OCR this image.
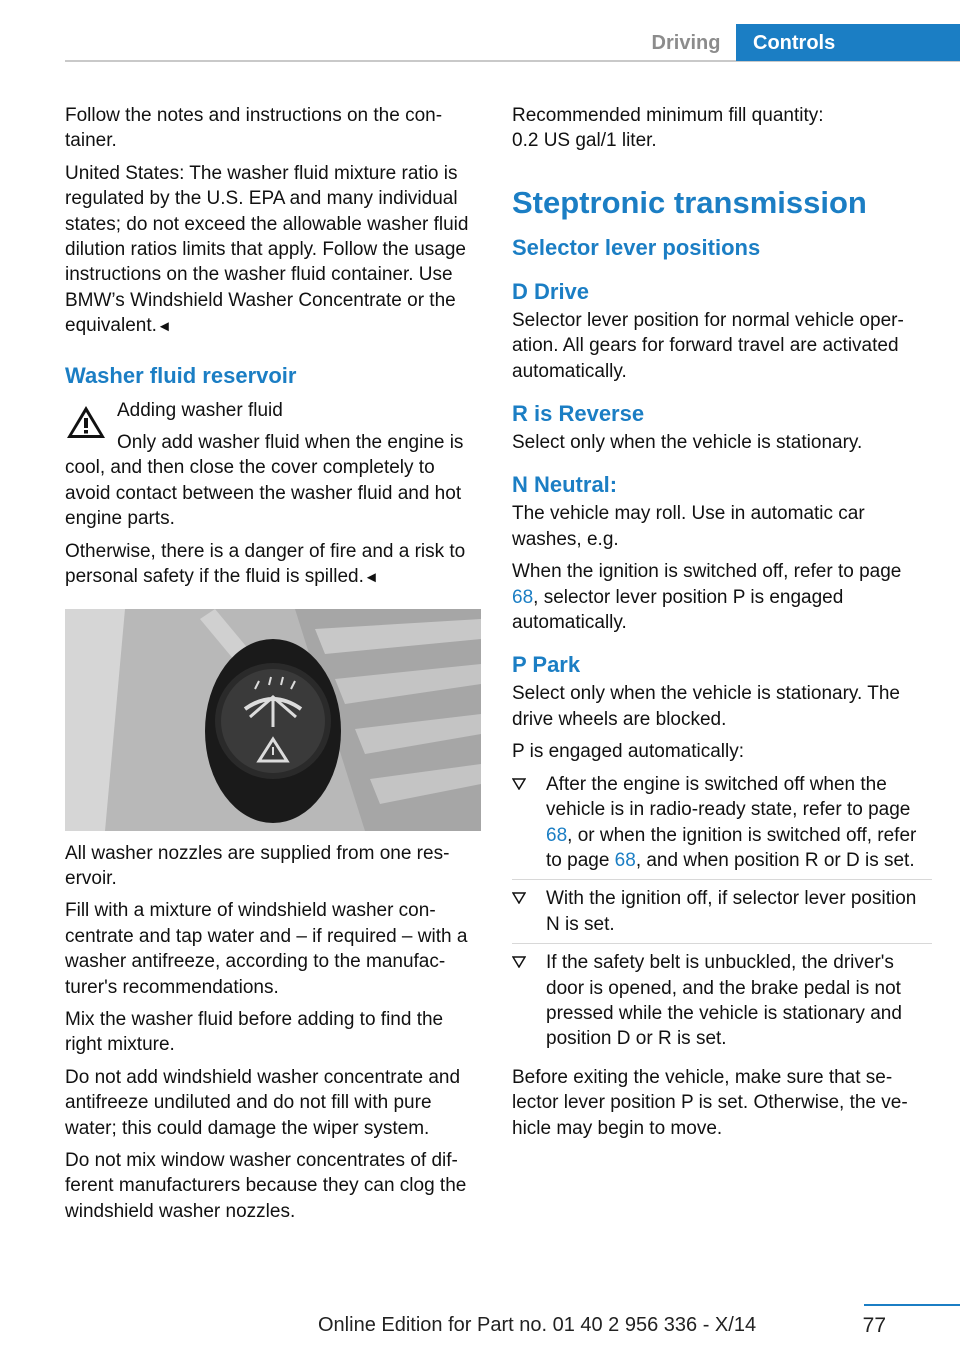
Driving	Controls

Follow the notes and instructions on the container.

United States: The washer fluid mixture ratio is regulated by the U.S. EPA and many individual states; do not exceed the allowable washer fluid dilution ratios limits that apply. Follow the usage instructions on the washer fluid container. Use BMW’s Windshield Washer Concentrate or the equivalent.◄

Washer fluid reservoir

Adding washer fluid

Only add washer fluid when the engine is cool, and then close the cover completely to avoid contact between the washer fluid and hot engine parts.

Otherwise, there is a danger of fire and a risk to personal safety if the fluid is spilled.◄

All washer nozzles are supplied from one reservoir.

Fill with a mixture of windshield washer concentrate and tap water and – if required – with a washer antifreeze, according to the manufacturer's recommendations.

Mix the washer fluid before adding to find the right mixture.

Do not add windshield washer concentrate and antifreeze undiluted and do not fill with pure water; this could damage the wiper system.

Do not mix window washer concentrates of different manufacturers because they can clog the windshield washer nozzles.

Recommended minimum fill quantity:
0.2 US gal/1 liter.

Steptronic transmission
Selector lever positions
D Drive

Selector lever position for normal vehicle operation. All gears for forward travel are activated automatically.

R is Reverse

Select only when the vehicle is stationary.

N Neutral:

The vehicle may roll. Use in automatic car washes, e.g.

When the ignition is switched off, refer to page 68, selector lever position P is engaged automatically.

P Park

Select only when the vehicle is stationary. The drive wheels are blocked.

P is engaged automatically:

After the engine is switched off when the vehicle is in radio-ready state, refer to page 68, or when the ignition is switched off, refer to page 68, and when position R or D is set.
With the ignition off, if selector lever position N is set.
If the safety belt is unbuckled, the driver's door is opened, and the brake pedal is not pressed while the vehicle is stationary and position D or R is set.

Before exiting the vehicle, make sure that selector lever position P is set. Otherwise, the vehicle may begin to move.

Online Edition for Part no. 01 40 2 956 336 - X/14	77
